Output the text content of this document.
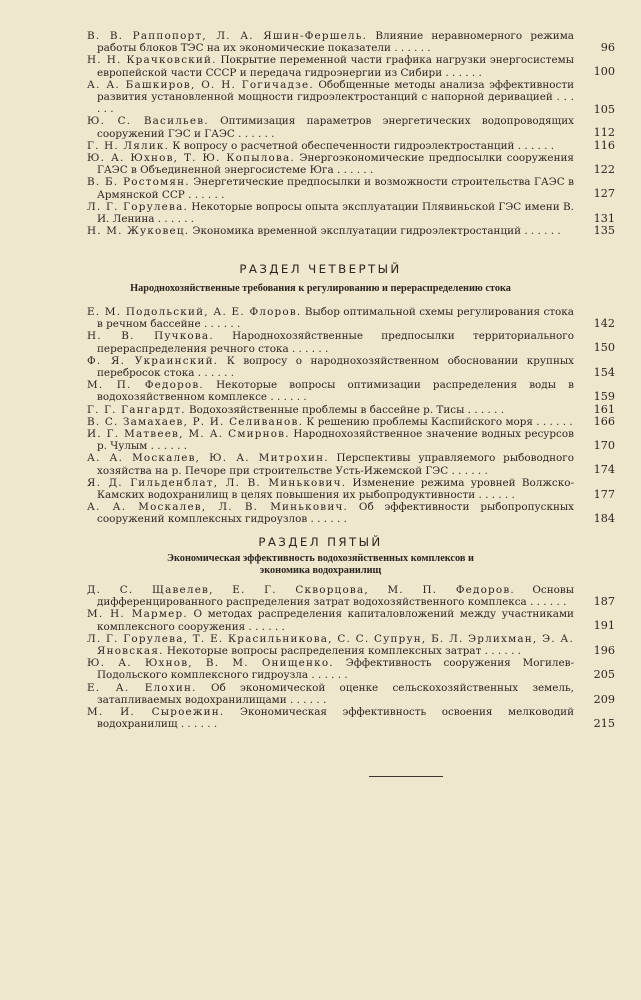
В. В. Раппопорт, Л. А. Яшин-Фершель. Влияние неравномерного режима работы блоков ТЭС на их экономические показатели . . . . . .	96

Н. Н. Крачковский. Покрытие переменной части графика нагрузки энергосистемы европейской части СССР и передача гидроэнергии из Сибири . . . . . .	100

А. А. Башкиров, О. Н. Гогичадзе. Обобщенные методы анализа эффективности развития установленной мощности гидроэлектростанций с напорной деривацией . . . . . .	105

Ю. С. Васильев. Оптимизация параметров энергетических водопроводящих сооружений ГЭС и ГАЭС . . . . . .	112

Г. Н. Лялик. К вопросу о расчетной обеспеченности гидроэлектростанций . . . . . .	116

Ю. А. Юхнов, Т. Ю. Копылова. Энергоэкономические предпосылки сооружения ГАЭС в Объединенной энергосистеме Юга . . . . . .	122

В. Б. Ростомян. Энергетические предпосылки и возможности строительства ГАЭС в Армянской ССР . . . . . .	127

Л. Г. Горулева. Некоторые вопросы опыта эксплуатации Плявиньской ГЭС имени В. И. Ленина . . . . . .	131

Н. М. Жуковец. Экономика временной эксплуатации гидроэлектростанций . . . . . .	135
РАЗДЕЛ ЧЕТВЕРТЫЙ
Народнохозяйственные требования к регулированию и перераспределению стока

Е. М. Подольский, А. Е. Флоров. Выбор оптимальной схемы регулирования стока в речном бассейне . . . . . .	142

Н. В. Пучкова. Народнохозяйственные предпосылки территориального перераспределения речного стока . . . . . .	150

Ф. Я. Украинский. К вопросу о народнохозяйственном обосновании крупных перебросок стока . . . . . .	154

М. П. Федоров. Некоторые вопросы оптимизации распределения воды в водохозяйственном комплексе . . . . . .	159

Г. Г. Гангардт. Водохозяйственные проблемы в бассейне р. Тисы . . . . . .	161

В. С. Замахаев, Р. И. Селиванов. К решению проблемы Каспийского моря . . . . . .	166

И. Г. Матвеев, М. А. Смирнов. Народнохозяйственное значение водных ресурсов р. Чулым . . . . . .	170

А. А. Москалев, Ю. А. Митрохин. Перспективы управляемого рыбоводного хозяйства на р. Печоре при строительстве Усть-Ижемской ГЭС . . . . . .	174

Я. Д. Гильденблат, Л. В. Минькович. Изменение режима уровней Волжско-Камских водохранилищ в целях повышения их рыбопродуктивности . . . . . .	177

А. А. Москалев, Л. В. Минькович. Об эффективности рыбопропускных сооружений комплексных гидроузлов . . . . . .	184
РАЗДЕЛ ПЯТЫЙ
Экономическая эффективность водохозяйственных комплексов и
экономика водохранилищ

Д. С. Щавелев, Е. Г. Скворцова, М. П. Федоров. Основы дифференцированного распределения затрат водохозяйственного комплекса . . . . . .	187

М. Н. Мармер. О методах распределения капиталовложений между участниками комплексного сооружения . . . . . .	191

Л. Г. Горулева, Т. Е. Красильникова, С. С. Супрун, Б. Л. Эрлихман, Э. А. Яновская. Некоторые вопросы распределения комплексных затрат . . . . . .	196

Ю. А. Юхнов, В. М. Онищенко. Эффективность сооружения Могилев-Подольского комплексного гидроузла . . . . . .	205

Е. А. Елохин. Об экономической оценке сельскохозяйственных земель, затапливаемых водохранилищами . . . . . .	209

М. И. Сыроежин. Экономическая эффективность освоения мелководий водохранилищ . . . . . .	215
